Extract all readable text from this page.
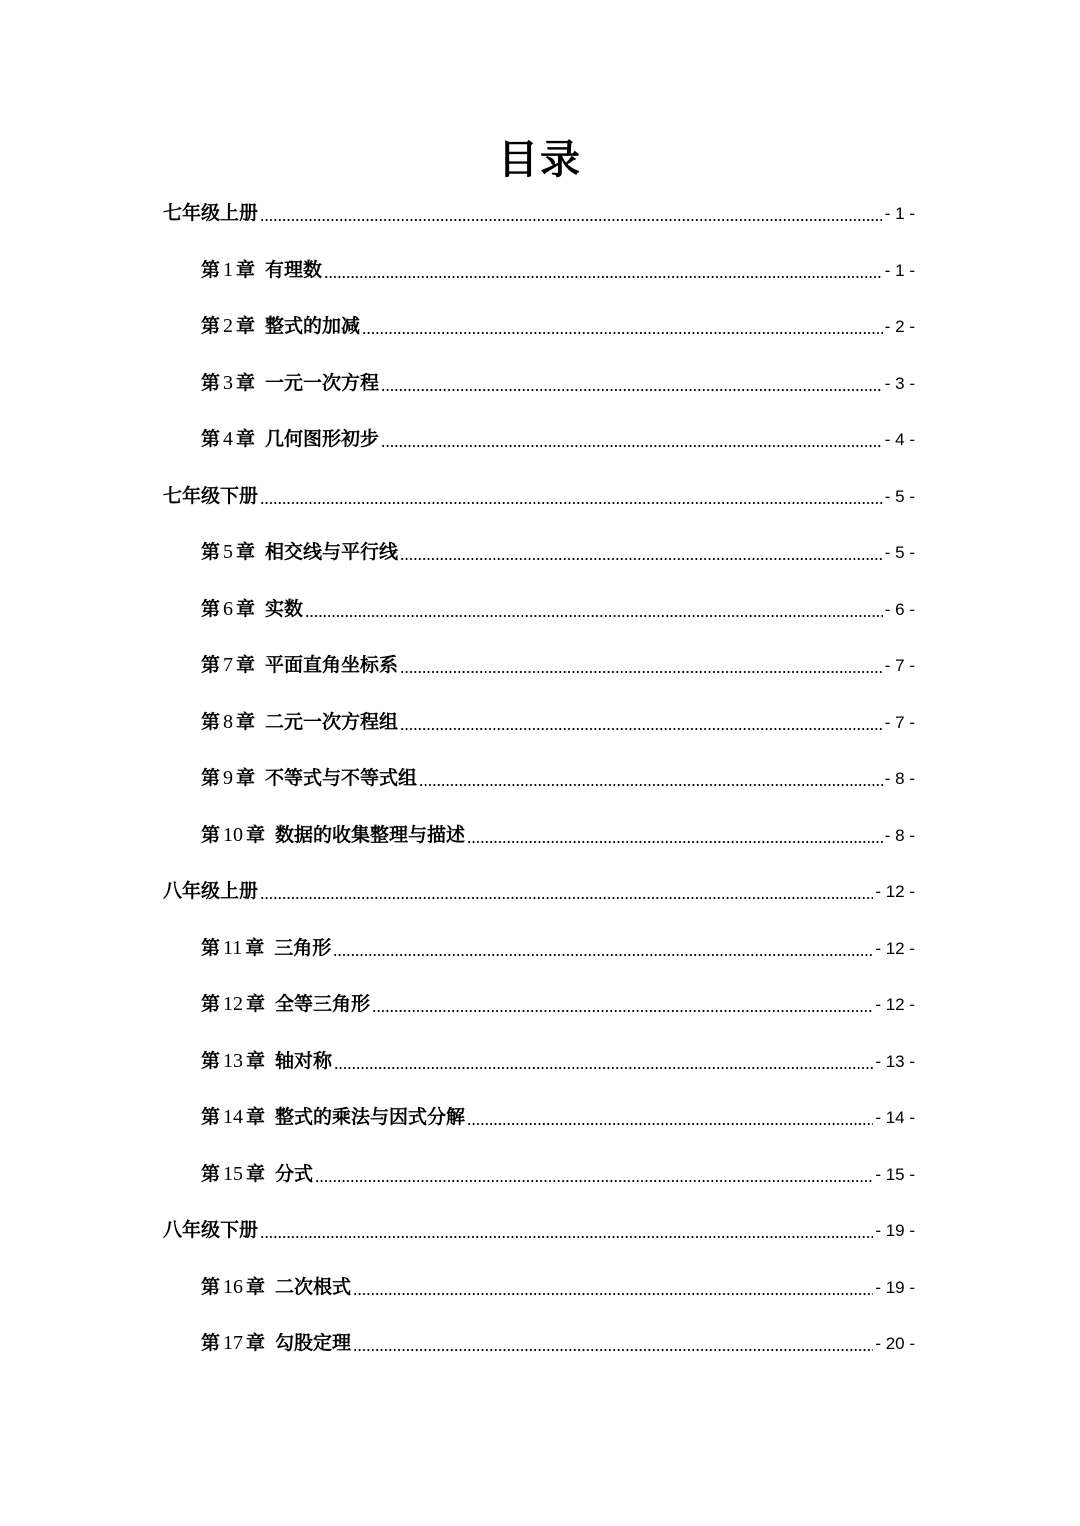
目录
七年级上册	- 1 -
第 1 章 有理数	- 1 -
第 2 章 整式的加减	- 2 -
第 3 章 一元一次方程	- 3 -
第 4 章 几何图形初步	- 4 -
七年级下册	- 5 -
第 5 章 相交线与平行线	- 5 -
第 6 章 实数	- 6 -
第 7 章 平面直角坐标系	- 7 -
第 8 章 二元一次方程组	- 7 -
第 9 章 不等式与不等式组	- 8 -
第 10 章 数据的收集整理与描述	- 8 -
八年级上册	- 12 -
第 11 章 三角形	- 12 -
第 12 章 全等三角形	- 12 -
第 13 章 轴对称	- 13 -
第 14 章 整式的乘法与因式分解	- 14 -
第 15 章 分式	- 15 -
八年级下册	- 19 -
第 16 章 二次根式	- 19 -
第 17 章 勾股定理	- 20 -
